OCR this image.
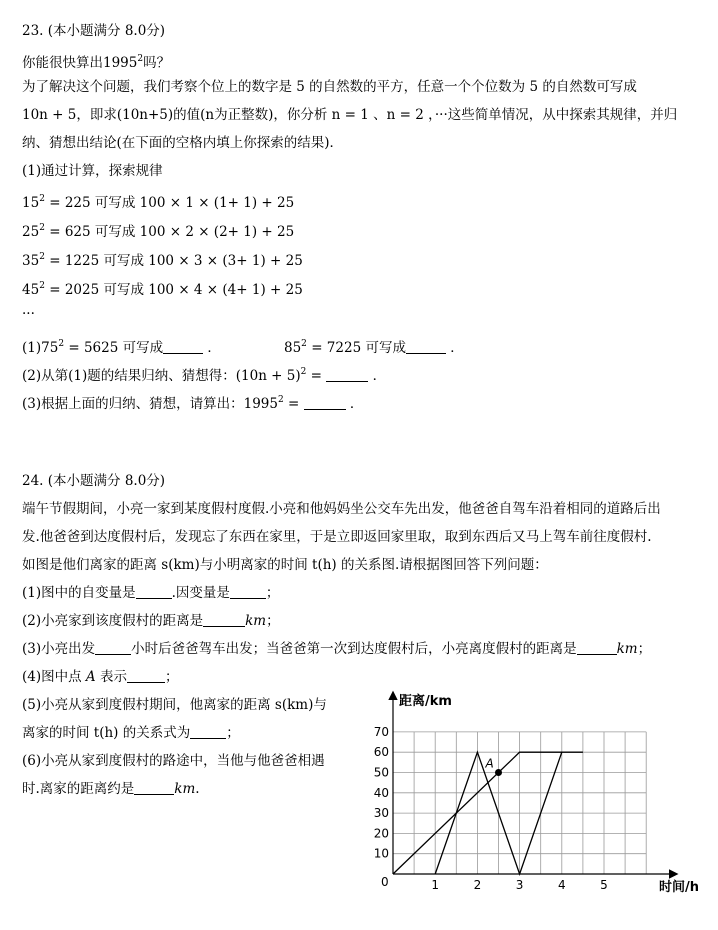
23. (本小题满分 8.0分)
你能很快算出1995$^2$吗？
为了解决这个问题，我们考察个位上的数字是 5 的自然数的平方，任意一个个位数为 5 的自然数可写成
10n + 5，即求(10n+5)的值(n为正整数)，你分析 n = 1 、n = 2 ，···这些简单情况，从中探索其规律，并归
纳、猜想出结论(在下面的空格内填上你探索的结果)．
(1)通过计算，探索规律
$15^2 = 225$ 可写成 100 × 1 × (1+ 1) + 25
$25^2 = 625$ 可写成 100 × 2 × (2+ 1) + 25
$35^2 = 1225$ 可写成 100 × 3 × (3+ 1) + 25
$45^2 = 2025$ 可写成 100 × 4 × (4+ 1) + 25
···
$(1)75^2 = 5625$ 可写成	．	$85^2 = 7225$ 可写成	．
(2)从第(1)题的结果归纳、猜想得：$(10n + 5)^2$ =	．
(3)根据上面的归纳、猜想，请算出：$1995^2$ =	．
24. (本小题满分 8.0分)
端午节假期间，小亮一家到某度假村度假.小亮和他妈妈坐公交车先出发，他爸爸自驾车沿着相同的道路后出
发.他爸爸到达度假村后，发现忘了东西在家里，于是立即返回家里取，取到东西后又马上驾车前往度假村.
如图是他们离家的距离 s(km)与小明离家的时间 t(h) 的关系图.请根据图回答下列问题：
(1)图中的自变量是	.因变量是	；
(2)小亮家到该度假村的距离是	km；
(3)小亮出发	小时后爸爸驾车出发；当爸爸第一次到达度假村后，小亮离度假村的距离是	km；
(4)图中点 A 表示	；
(5)小亮从家到度假村期间，他离家的距离 s(km)与
离家的时间 t(h) 的关系式为	；
(6)小亮从家到度假村的路途中，当他与他爸爸相遇
时.离家的距离约是	km.
1	2	3	4	5
10
20
30
40
50
60
70
A
距离/km
时间/h
0
